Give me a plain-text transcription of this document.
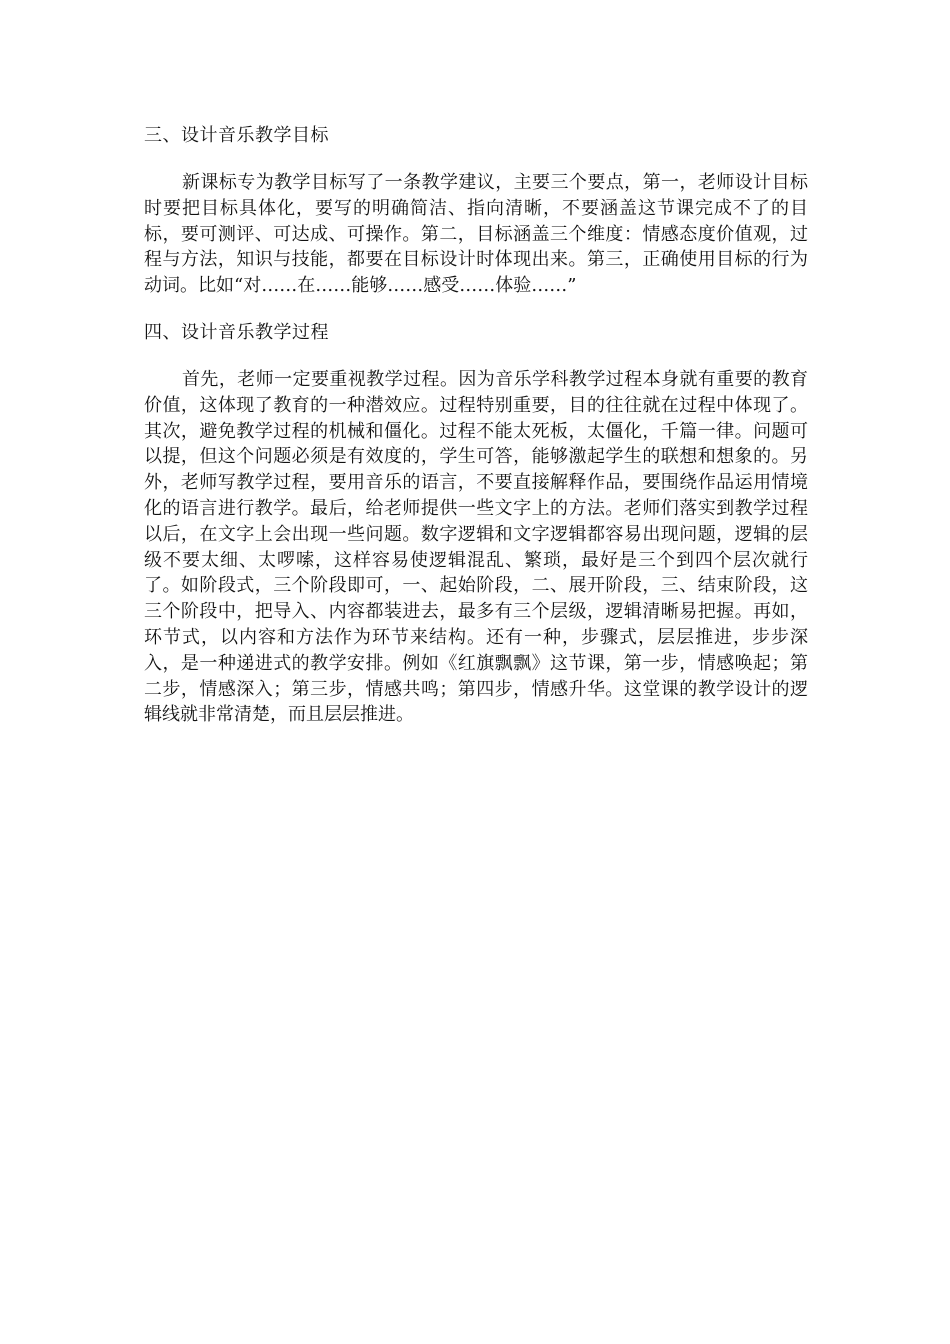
三、设计音乐教学目标

新课标专为教学目标写了一条教学建议，主要三个要点，第一，老师设计目标时要把目标具体化，要写的明确简洁、指向清晰，不要涵盖这节课完成不了的目标，要可测评、可达成、可操作。第二，目标涵盖三个维度：情感态度价值观，过程与方法，知识与技能，都要在目标设计时体现出来。第三，正确使用目标的行为动词。比如“对……在……能够……感受……体验……”

四、设计音乐教学过程

首先，老师一定要重视教学过程。因为音乐学科教学过程本身就有重要的教育价值，这体现了教育的一种潜效应。过程特别重要，目的往往就在过程中体现了。其次，避免教学过程的机械和僵化。过程不能太死板，太僵化，千篇一律。问题可以提，但这个问题必须是有效度的，学生可答，能够激起学生的联想和想象的。另外，老师写教学过程，要用音乐的语言，不要直接解释作品，要围绕作品运用情境化的语言进行教学。最后，给老师提供一些文字上的方法。老师们落实到教学过程以后，在文字上会出现一些问题。数字逻辑和文字逻辑都容易出现问题，逻辑的层级不要太细、太啰嗦，这样容易使逻辑混乱、繁琐，最好是三个到四个层次就行了。如阶段式，三个阶段即可，一、起始阶段，二、展开阶段，三、结束阶段，这三个阶段中，把导入、内容都装进去，最多有三个层级，逻辑清晰易把握。再如，环节式，以内容和方法作为环节来结构。还有一种，步骤式，层层推进，步步深入，是一种递进式的教学安排。例如《红旗飘飘》这节课，第一步，情感唤起；第二步，情感深入；第三步，情感共鸣；第四步，情感升华。这堂课的教学设计的逻辑线就非常清楚，而且层层推进。
